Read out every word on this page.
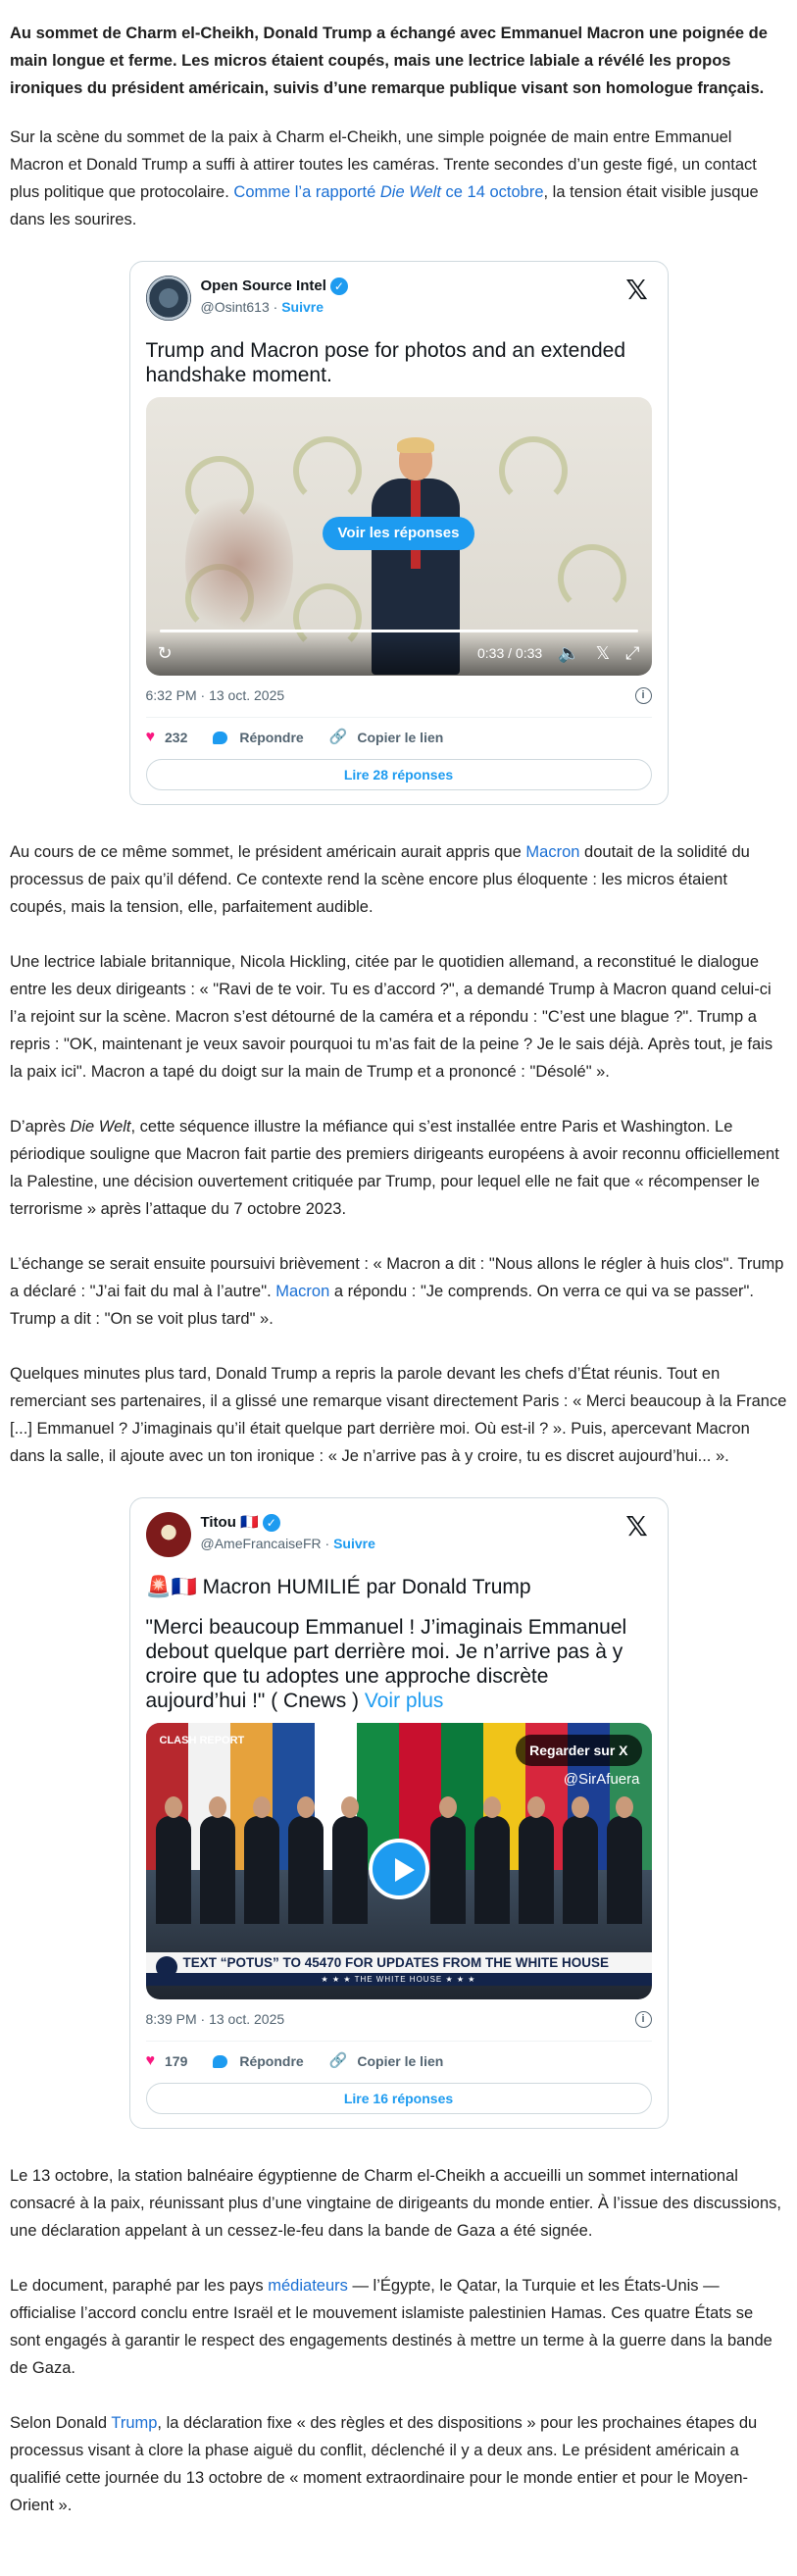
Au sommet de Charm el-Cheikh, Donald Trump a échangé avec Emmanuel Macron une poignée de main longue et ferme. Les micros étaient coupés, mais une lectrice labiale a révélé les propos ironiques du président américain, suivis d’une remarque publique visant son homologue français.

Sur la scène du sommet de la paix à Charm el-Cheikh, une simple poignée de main entre Emmanuel Macron et Donald Trump a suffi à attirer toutes les caméras. Trente secondes d’un geste figé, un contact plus politique que protocolaire. Comme l’a rapporté Die Welt ce 14 octobre, la tension était visible jusque dans les sourires.

Open Source Intel ✓
@Osint613 · Suivre
𝕏
Trump and Macron pose for photos and an extended handshake moment.
Voir les réponses
↻	0:33 / 0:33 🔈 𝕏 ⤢
6:32 PM · 13 oct. 2025	i
♥ 232	Répondre 🔗 Copier le lien
Lire 28 réponses

Au cours de ce même sommet, le président américain aurait appris que Macron doutait de la solidité du processus de paix qu’il défend. Ce contexte rend la scène encore plus éloquente : les micros étaient coupés, mais la tension, elle, parfaitement audible.

Une lectrice labiale britannique, Nicola Hickling, citée par le quotidien allemand, a reconstitué le dialogue entre les deux dirigeants : « "Ravi de te voir. Tu es d’accord ?", a demandé Trump à Macron quand celui-ci l’a rejoint sur la scène. Macron s’est détourné de la caméra et a répondu : "C’est une blague ?". Trump a repris : "OK, maintenant je veux savoir pourquoi tu m’as fait de la peine ? Je le sais déjà. Après tout, je fais la paix ici". Macron a tapé du doigt sur la main de Trump et a prononcé : "Désolé" ».

D’après Die Welt, cette séquence illustre la méfiance qui s’est installée entre Paris et Washington. Le périodique souligne que Macron fait partie des premiers dirigeants européens à avoir reconnu officiellement la Palestine, une décision ouvertement critiquée par Trump, pour lequel elle ne fait que « récompenser le terrorisme » après l’attaque du 7 octobre 2023.

L’échange se serait ensuite poursuivi brièvement : « Macron a dit : "Nous allons le régler à huis clos". Trump a déclaré : "J’ai fait du mal à l’autre". Macron a répondu : "Je comprends. On verra ce qui va se passer". Trump a dit : "On se voit plus tard" ».

Quelques minutes plus tard, Donald Trump a repris la parole devant les chefs d’État réunis. Tout en remerciant ses partenaires, il a glissé une remarque visant directement Paris : « Merci beaucoup à la France [...] Emmanuel ? J’imaginais qu’il était quelque part derrière moi. Où est-il ? ». Puis, apercevant Macron dans la salle, il ajoute avec un ton ironique : « Je n’arrive pas à y croire, tu es discret aujourd’hui... ».

Titou 🇫🇷 ✓
@AmeFrancaiseFR · Suivre
𝕏
🚨🇫🇷 Macron HUMILIÉ par Donald Trump
"Merci beaucoup Emmanuel ! J’imaginais Emmanuel debout quelque part derrière moi. Je n’arrive pas à y croire que tu adoptes une approche discrète aujourd’hui !" ( Cnews ) Voir plus
CLASH REPORT
Regarder sur X
@SirAfuera
TEXT “POTUS” TO 45470 FOR UPDATES FROM THE WHITE HOUSE
★ ★ ★ THE WHITE HOUSE ★ ★ ★
8:39 PM · 13 oct. 2025	i
♥ 179	Répondre 🔗 Copier le lien
Lire 16 réponses

Le 13 octobre, la station balnéaire égyptienne de Charm el-Cheikh a accueilli un sommet international consacré à la paix, réunissant plus d’une vingtaine de dirigeants du monde entier. À l’issue des discussions, une déclaration appelant à un cessez-le-feu dans la bande de Gaza a été signée.

Le document, paraphé par les pays médiateurs — l’Égypte, le Qatar, la Turquie et les États-Unis — officialise l’accord conclu entre Israël et le mouvement islamiste palestinien Hamas. Ces quatre États se sont engagés à garantir le respect des engagements destinés à mettre un terme à la guerre dans la bande de Gaza.

Selon Donald Trump, la déclaration fixe « des règles et des dispositions » pour les prochaines étapes du processus visant à clore la phase aiguë du conflit, déclenché il y a deux ans. Le président américain a qualifié cette journée du 13 octobre de « moment extraordinaire pour le monde entier et pour le Moyen-Orient ».
